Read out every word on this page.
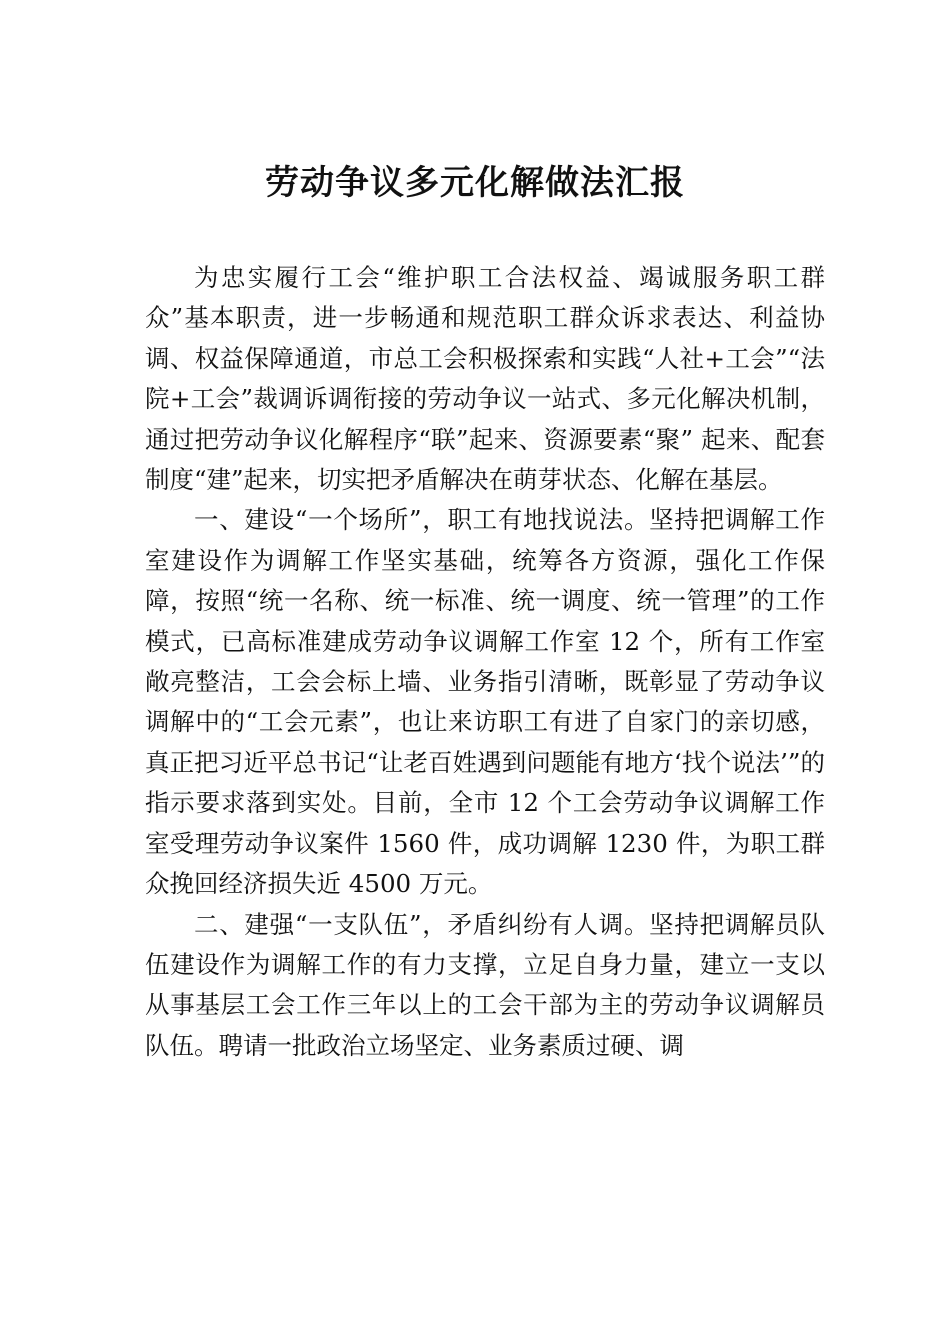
劳动争议多元化解做法汇报

为忠实履行工会“维护职工合法权益、竭诚服务职工群众”基本职责，进一步畅通和规范职工群众诉求表达、利益协调、权益保障通道，市总工会积极探索和实践“人社+工会”“法院+工会”裁调诉调衔接的劳动争议一站式、多元化解决机制，通过把劳动争议化解程序“联”起来、资源要素“聚” 起来、配套制度“建”起来，切实把矛盾解决在萌芽状态、化解在基层。

一、建设“一个场所”，职工有地找说法。坚持把调解工作室建设作为调解工作坚实基础，统筹各方资源，强化工作保障，按照“统一名称、统一标准、统一调度、统一管理”的工作模式，已高标准建成劳动争议调解工作室 12 个，所有工作室敞亮整洁，工会会标上墙、业务指引清晰，既彰显了劳动争议调解中的“工会元素”，也让来访职工有进了自家门的亲切感，真正把习近平总书记“让老百姓遇到问题能有地方‘找个说法’”的指示要求落到实处。目前，全市 12 个工会劳动争议调解工作室受理劳动争议案件 1560 件，成功调解 1230 件，为职工群众挽回经济损失近 4500 万元。

二、建强“一支队伍”，矛盾纠纷有人调。坚持把调解员队伍建设作为调解工作的有力支撑，立足自身力量，建立一支以从事基层工会工作三年以上的工会干部为主的劳动争议调解员队伍。聘请一批政治立场坚定、业务素质过硬、调
